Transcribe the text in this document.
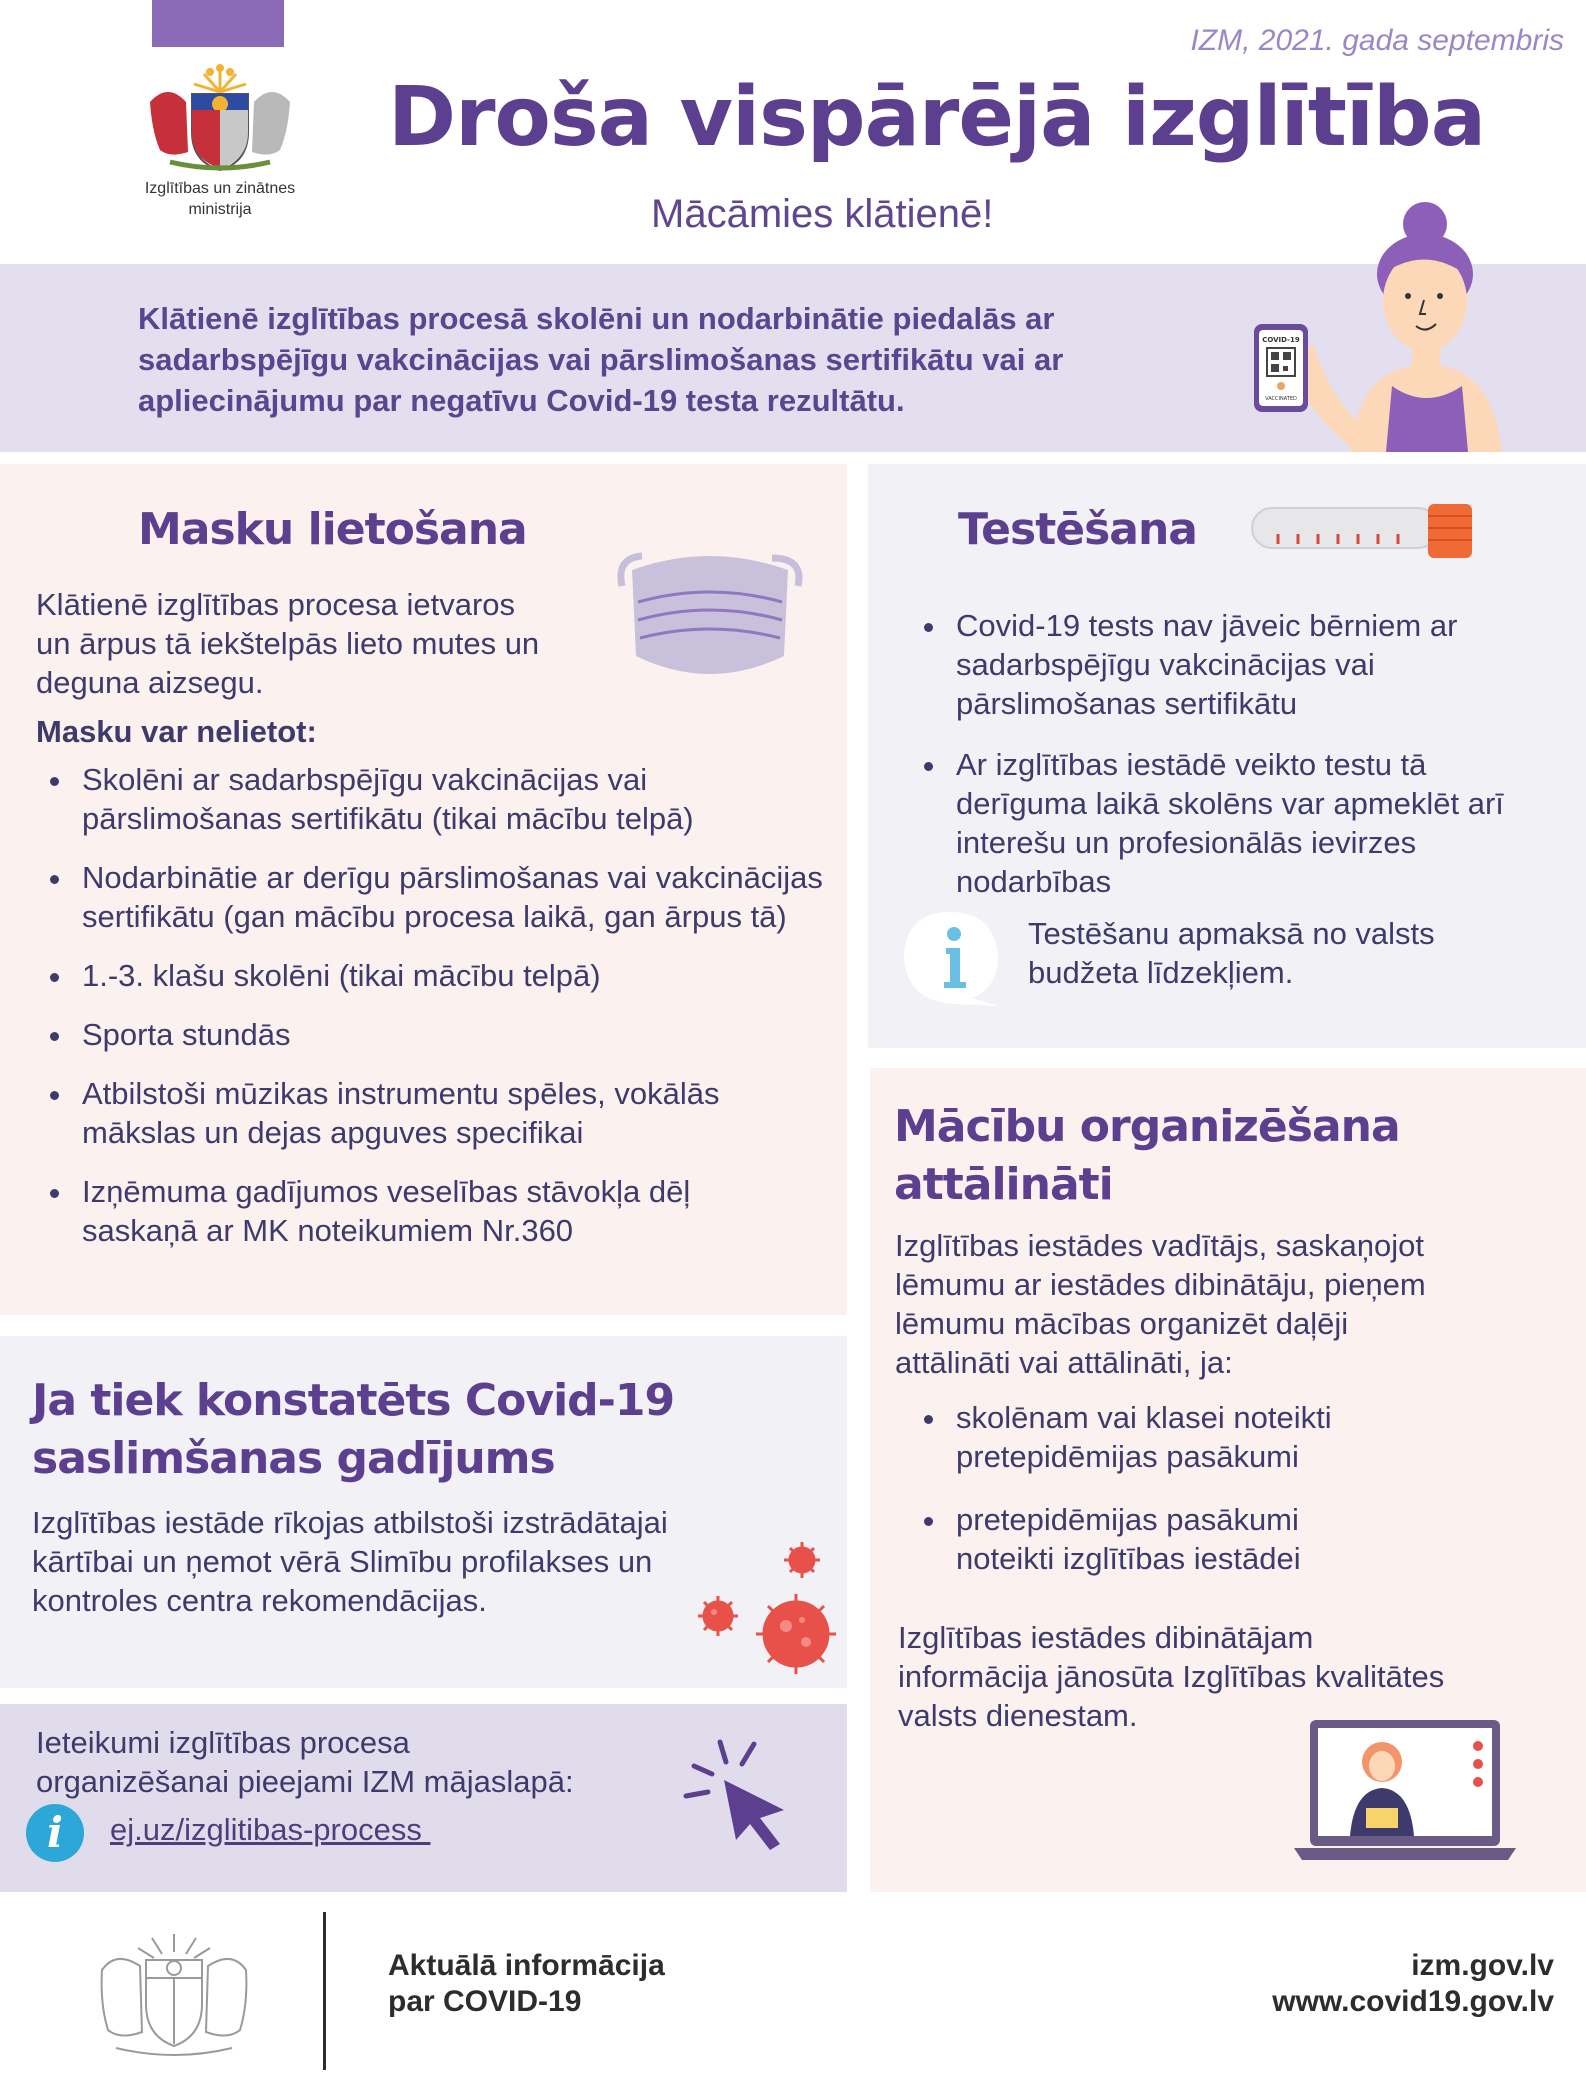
IZM, 2021. gada septembris
Izglītības un zinātnes
ministrija
Droša vispārējā izglītība
Mācāmies klātienē!
Klātienē izglītības procesā skolēni un nodarbinātie piedalās ar
sadarbspējīgu vakcinācijas vai pārslimošanas sertifikātu vai ar
apliecinājumu par negatīvu Covid-19 testa rezultātu.
COVID-19
VACCINATED
Masku lietošana
Klātienē izglītības procesa ietvaros
un ārpus tā iekštelpās lieto mutes un
deguna aizsegu.
Masku var nelietot:
Skolēni ar sadarbspējīgu vakcinācijas vai pārslimošanas sertifikātu (tikai mācību telpā)
Nodarbinātie ar derīgu pārslimošanas vai vakcinācijas sertifikātu (gan mācību procesa laikā, gan ārpus tā)
1.-3. klašu skolēni (tikai mācību telpā)
Sporta stundās
Atbilstoši mūzikas instrumentu spēles, vokālās mākslas un dejas apguves specifikai
Izņēmuma gadījumos veselības stāvokļa dēļ saskaņā ar MK noteikumiem Nr.360
Testēšana
Covid-19 tests nav jāveic bērniem ar sadarbspējīgu vakcinācijas vai pārslimošanas sertifikātu
Ar izglītības iestādē veikto testu tā derīguma laikā skolēns var apmeklēt arī interešu un profesionālās ievirzes nodarbības
Testēšanu apmaksā no valsts
budžeta līdzekļiem.
Ja tiek konstatēts Covid-19
saslimšanas gadījums
Izglītības iestāde rīkojas atbilstoši izstrādātajai
kārtībai un ņemot vērā Slimību profilakses un
kontroles centra rekomendācijas.
Ieteikumi izglītības procesa
organizēšanai pieejami IZM mājaslapā:
i	ej.uz/izglitibas-process
Mācību organizēšana
attālināti
Izglītības iestādes vadītājs, saskaņojot
lēmumu ar iestādes dibinātāju, pieņem
lēmumu mācības organizēt daļēji
attālināti vai attālināti, ja:
skolēnam vai klasei noteikti pretepidēmijas pasākumi
pretepidēmijas pasākumi noteikti izglītības iestādei
Izglītības iestādes dibinātājam
informācija jānosūta Izglītības kvalitātes
valsts dienestam.
Aktuālā informācija
par COVID-19
izm.gov.lv
www.covid19.gov.lv
